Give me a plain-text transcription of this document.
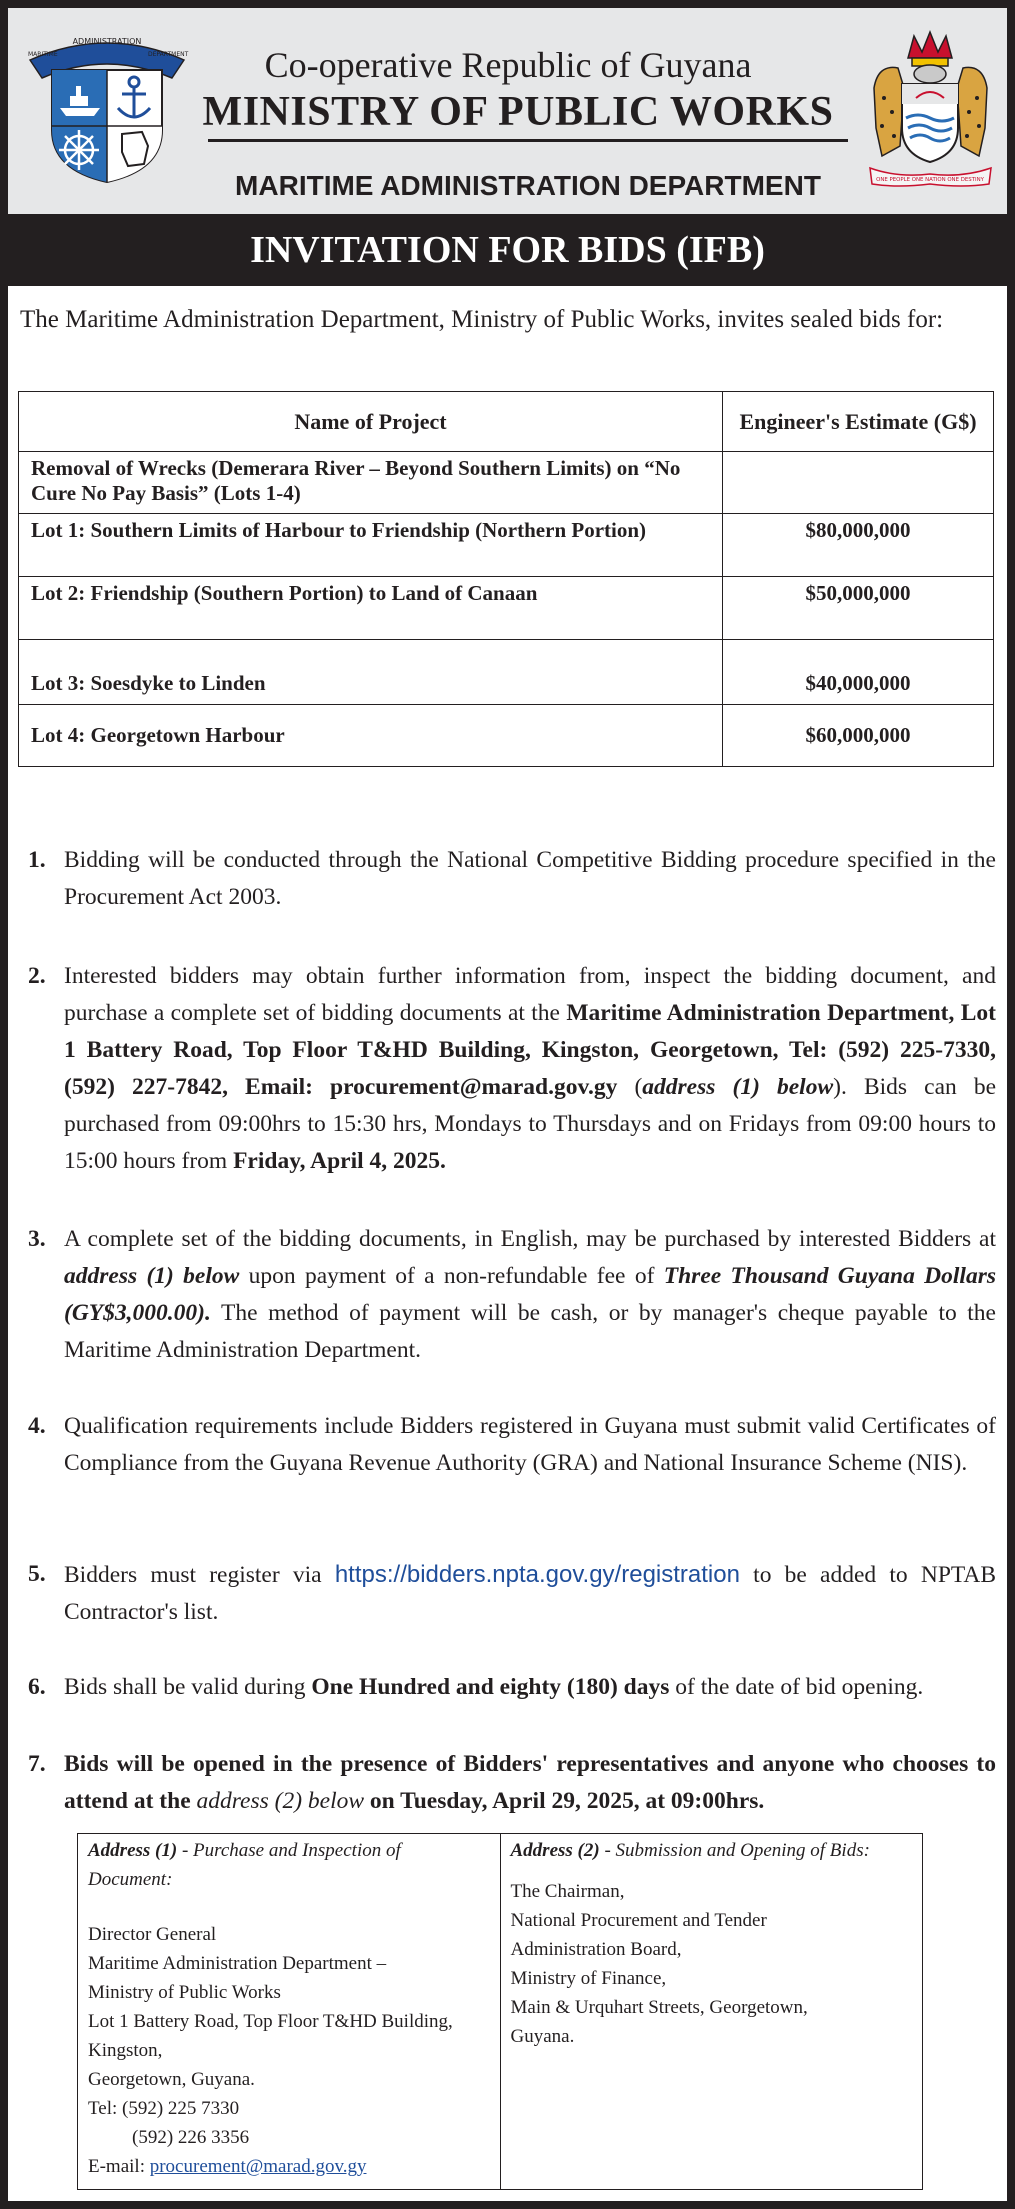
ADMINISTRATION
MARITIME	DEPARTMENT	Co-operative Republic of Guyana
MINISTRY OF PUBLIC WORKS
MARITIME ADMINISTRATION DEPARTMENT	ONE PEOPLE ONE NATION ONE DESTINY
INVITATION FOR BIDS (IFB)
The Maritime Administration Department, Ministry of Public Works, invites sealed bids for:
Name of Project	Engineer's Estimate (G$)
Removal of Wrecks (Demerara River – Beyond Southern Limits) on “No Cure No Pay Basis” (Lots 1-4)	
Lot 1: Southern Limits of Harbour to Friendship (Northern Portion)	$80,000,000
Lot 2: Friendship (Southern Portion) to Land of Canaan	$50,000,000
Lot 3: Soesdyke to Linden	$40,000,000
Lot 4: Georgetown Harbour	$60,000,000
1. Bidding will be conducted through the National Competitive Bidding procedure specified in the Procurement Act 2003.
2. Interested bidders may obtain further information from, inspect the bidding document, and purchase a complete set of bidding documents at the Maritime Administration Department, Lot 1 Battery Road, Top Floor T&HD Building, Kingston, Georgetown, Tel: (592) 225-7330, (592) 227-7842, Email: procurement@marad.gov.gy (address (1) below). Bids can be purchased from 09:00hrs to 15:30 hrs, Mondays to Thursdays and on Fridays from 09:00 hours to 15:00 hours from Friday, April 4, 2025.
3. A complete set of the bidding documents, in English, may be purchased by interested Bidders at address (1) below upon payment of a non-refundable fee of Three Thousand Guyana Dollars (GY$3,000.00). The method of payment will be cash, or by manager's cheque payable to the Maritime Administration Department.
4. Qualification requirements include Bidders registered in Guyana must submit valid Certificates of Compliance from the Guyana Revenue Authority (GRA) and National Insurance Scheme (NIS).
5. Bidders must register via https://bidders.npta.gov.gy/registration to be added to NPTAB Contractor's list.
6. Bids shall be valid during One Hundred and eighty (180) days of the date of bid opening.
7. Bids will be opened in the presence of Bidders' representatives and anyone who chooses to attend at the address (2) below on Tuesday, April 29, 2025, at 09:00hrs.
Address (1) - Purchase and Inspection of Document:
Director General
Maritime Administration Department –
Ministry of Public Works
Lot 1 Battery Road, Top Floor T&HD Building,
Kingston,
Georgetown, Guyana.
Tel: (592) 225 7330
(592) 226 3356
E-mail: procurement@marad.gov.gy

Address (2) - Submission and Opening of Bids:
The Chairman,
National Procurement and Tender
Administration Board,
Ministry of Finance,
Main & Urquhart Streets, Georgetown,
Guyana.
